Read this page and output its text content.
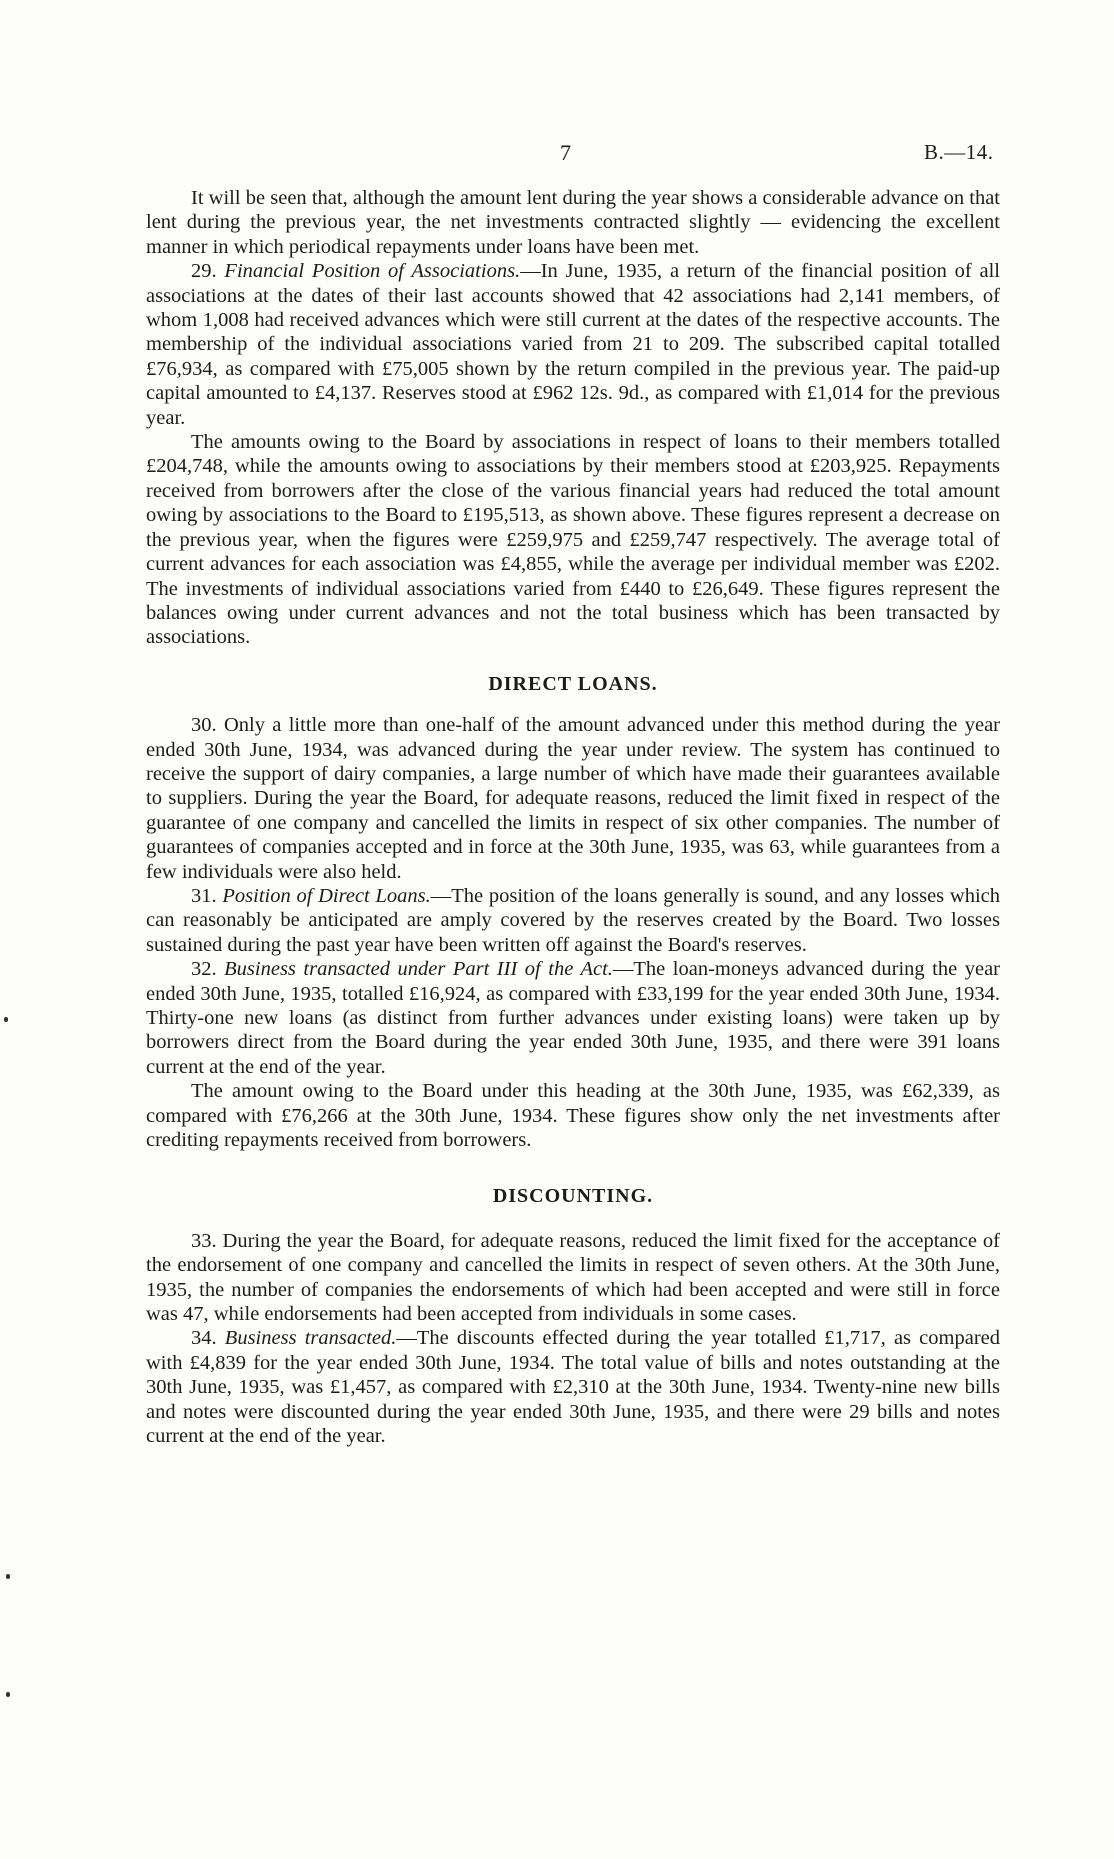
7	B.—14.

It will be seen that, although the amount lent during the year shows a considerable advance on that lent during the previous year, the net investments contracted slightly — evidencing the excellent manner in which periodical repayments under loans have been met.

29. Financial Position of Associations.—In June, 1935, a return of the financial position of all associations at the dates of their last accounts showed that 42 associations had 2,141 members, of whom 1,008 had received advances which were still current at the dates of the respective accounts. The membership of the individual associations varied from 21 to 209. The subscribed capital totalled £76,934, as compared with £75,005 shown by the return compiled in the previous year. The paid-up capital amounted to £4,137. Reserves stood at £962 12s. 9d., as compared with £1,014 for the previous year.

The amounts owing to the Board by associations in respect of loans to their members totalled £204,748, while the amounts owing to associations by their members stood at £203,925. Repayments received from borrowers after the close of the various financial years had reduced the total amount owing by associations to the Board to £195,513, as shown above. These figures represent a decrease on the previous year, when the figures were £259,975 and £259,747 respectively. The average total of current advances for each association was £4,855, while the average per individual member was £202. The investments of individual associations varied from £440 to £26,649. These figures represent the balances owing under current advances and not the total business which has been transacted by associations.

DIRECT LOANS.

30. Only a little more than one-half of the amount advanced under this method during the year ended 30th June, 1934, was advanced during the year under review. The system has continued to receive the support of dairy companies, a large number of which have made their guarantees available to suppliers. During the year the Board, for adequate reasons, reduced the limit fixed in respect of the guarantee of one company and cancelled the limits in respect of six other companies. The number of guarantees of companies accepted and in force at the 30th June, 1935, was 63, while guarantees from a few individuals were also held.

31. Position of Direct Loans.—The position of the loans generally is sound, and any losses which can reasonably be anticipated are amply covered by the reserves created by the Board. Two losses sustained during the past year have been written off against the Board's reserves.

32. Business transacted under Part III of the Act.—The loan-moneys advanced during the year ended 30th June, 1935, totalled £16,924, as compared with £33,199 for the year ended 30th June, 1934. Thirty-one new loans (as distinct from further advances under existing loans) were taken up by borrowers direct from the Board during the year ended 30th June, 1935, and there were 391 loans current at the end of the year.

The amount owing to the Board under this heading at the 30th June, 1935, was £62,339, as compared with £76,266 at the 30th June, 1934. These figures show only the net investments after crediting repayments received from borrowers.

DISCOUNTING.

33. During the year the Board, for adequate reasons, reduced the limit fixed for the acceptance of the endorsement of one company and cancelled the limits in respect of seven others. At the 30th June, 1935, the number of companies the endorsements of which had been accepted and were still in force was 47, while endorsements had been accepted from individuals in some cases.

34. Business transacted.—The discounts effected during the year totalled £1,717, as compared with £4,839 for the year ended 30th June, 1934. The total value of bills and notes outstanding at the 30th June, 1935, was £1,457, as compared with £2,310 at the 30th June, 1934. Twenty-nine new bills and notes were discounted during the year ended 30th June, 1935, and there were 29 bills and notes current at the end of the year.
